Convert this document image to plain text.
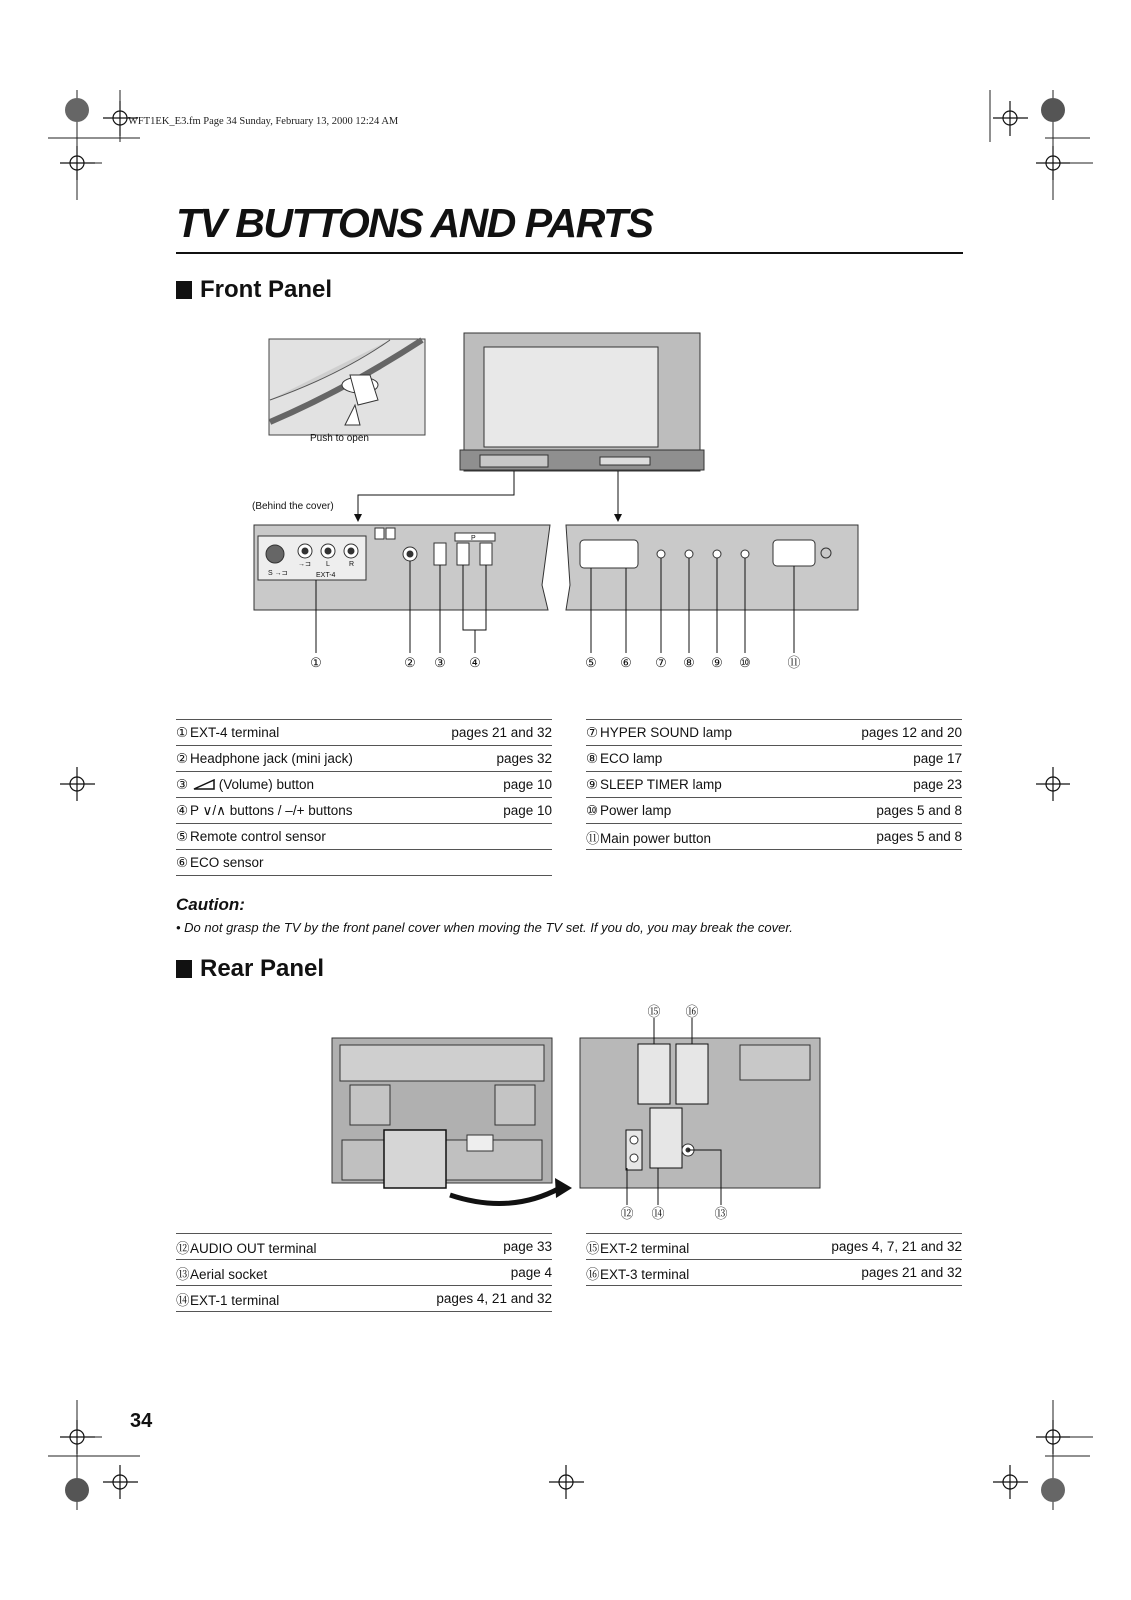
WFT1EK_E3.fm Page 34 Sunday, February 13, 2000 12:24 AM
TV BUTTONS AND PARTS
Front Panel
Push to open
(Behind the cover)
S →⊐
→⊐ L	R
EXT-4
P
①	② ③ ④	⑤ ⑥ ⑦ ⑧ ⑨ ⑩	⑪
① EXT-4 terminal	pages 21 and 32
② Headphone jack (mini jack)	pages 32
③ (Volume) button	page 10
④ P ∨/∧ buttons / –/+ buttons	page 10
⑤ Remote control sensor	
⑥ ECO sensor	
⑦ HYPER SOUND lamp	pages 12 and 20
⑧ ECO lamp	page 17
⑨ SLEEP TIMER lamp	page 23
⑩ Power lamp	pages 5 and 8
⑪Main power button	pages 5 and 8
Caution:
• Do not grasp the TV by the front panel cover when moving the TV set. If you do, you may break the cover.
Rear Panel
⑮ ⑯
⑫ ⑭	⑬
⑫AUDIO OUT terminal	page 33
⑬Aerial socket	page 4
⑭EXT-1 terminal	pages 4, 21 and 32
⑮EXT-2 terminal	pages 4, 7, 21 and 32
⑯EXT-3 terminal	pages 21 and 32
34
